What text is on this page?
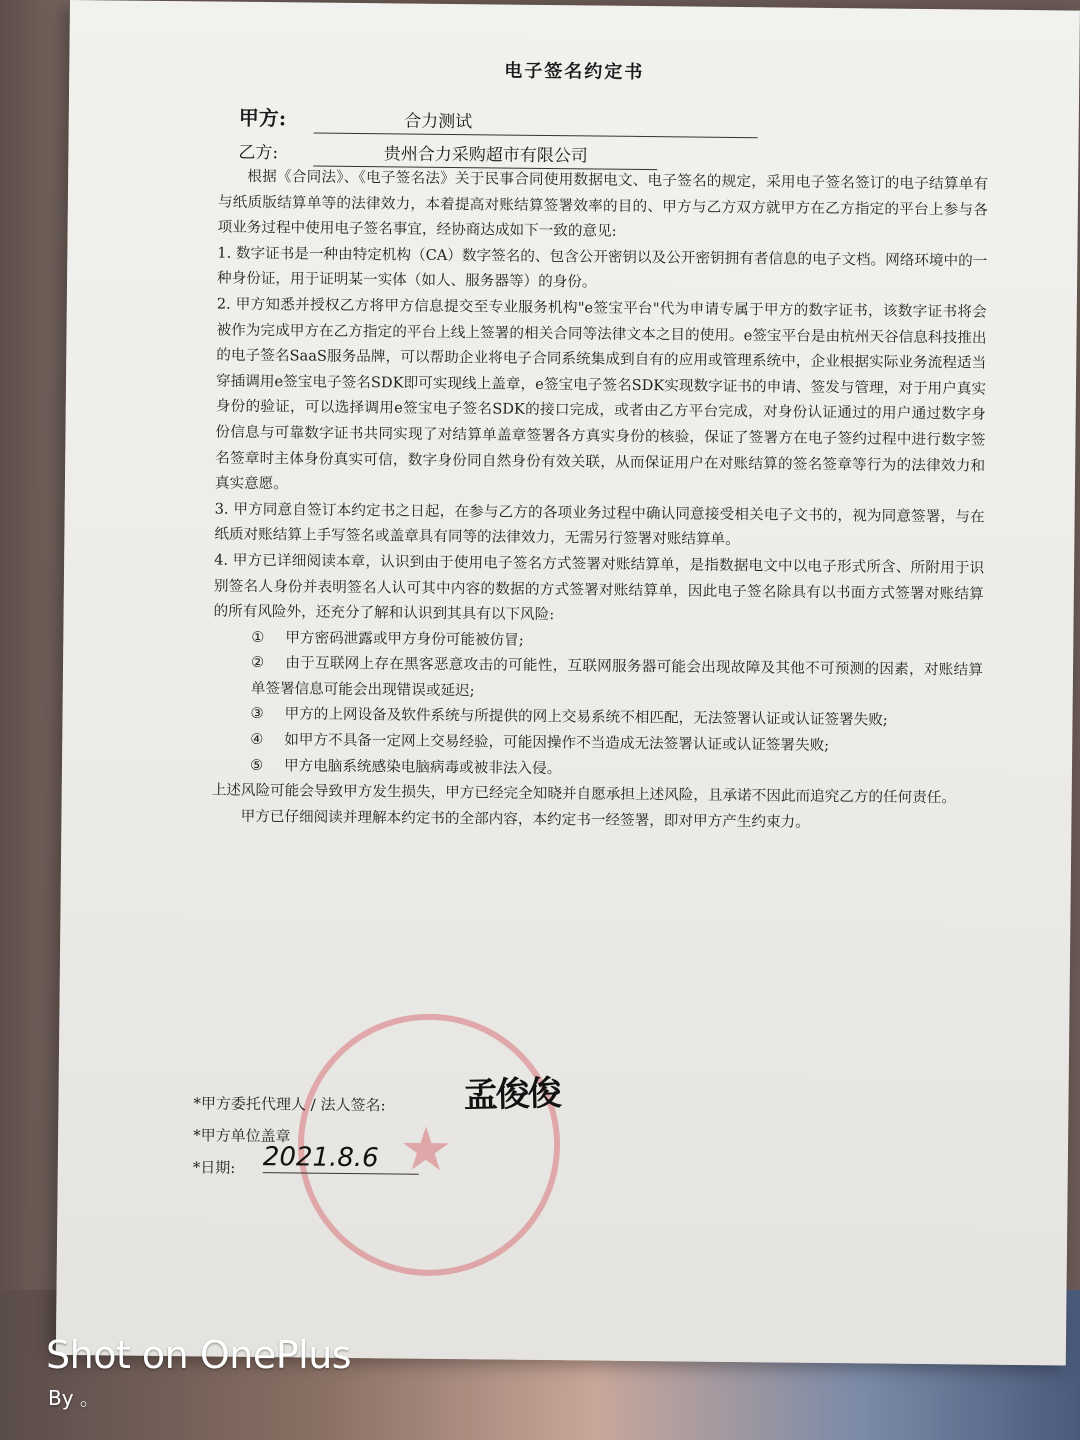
电子签名约定书
甲方:	合力测试
乙方:	贵州合力采购超市有限公司

根据《合同法》、《电子签名法》关于民事合同使用数据电文、电子签名的规定，采用电子签名签订的电子结算单有与纸质版结算单等的法律效力，本着提高对账结算签署效率的目的、甲方与乙方双方就甲方在乙方指定的平台上参与各项业务过程中使用电子签名事宜，经协商达成如下一致的意见:

1. 数字证书是一种由特定机构（CA）数字签名的、包含公开密钥以及公开密钥拥有者信息的电子文档。网络环境中的一种身份证，用于证明某一实体（如人、服务器等）的身份。

2. 甲方知悉并授权乙方将甲方信息提交至专业服务机构"e签宝平台"代为申请专属于甲方的数字证书，该数字证书将会被作为完成甲方在乙方指定的平台上线上签署的相关合同等法律文本之目的使用。e签宝平台是由杭州天谷信息科技推出的电子签名SaaS服务品牌，可以帮助企业将电子合同系统集成到自有的应用或管理系统中，企业根据实际业务流程适当穿插调用e签宝电子签名SDK即可实现线上盖章，e签宝电子签名SDK实现数字证书的申请、签发与管理，对于用户真实身份的验证，可以选择调用e签宝电子签名SDK的接口完成，或者由乙方平台完成，对身份认证通过的用户通过数字身份信息与可靠数字证书共同实现了对结算单盖章签署各方真实身份的核验，保证了签署方在电子签约过程中进行数字签名签章时主体身份真实可信，数字身份同自然身份有效关联，从而保证用户在对账结算的签名签章等行为的法律效力和真实意愿。

3. 甲方同意自签订本约定书之日起，在参与乙方的各项业务过程中确认同意接受相关电子文书的，视为同意签署，与在纸质对账结算上手写签名或盖章具有同等的法律效力，无需另行签署对账结算单。

4. 甲方已详细阅读本章，认识到由于使用电子签名方式签署对账结算单，是指数据电文中以电子形式所含、所附用于识别签名人身份并表明签名人认可其中内容的数据的方式签署对账结算单，因此电子签名除具有以书面方式签署对账结算的所有风险外，还充分了解和认识到其具有以下风险:

① 甲方密码泄露或甲方身份可能被仿冒;

② 由于互联网上存在黑客恶意攻击的可能性，互联网服务器可能会出现故障及其他不可预测的因素，对账结算单签署信息可能会出现错误或延迟;

③ 甲方的上网设备及软件系统与所提供的网上交易系统不相匹配，无法签署认证或认证签署失败;

④ 如甲方不具备一定网上交易经验，可能因操作不当造成无法签署认证或认证签署失败;

⑤ 甲方电脑系统感染电脑病毒或被非法入侵。

上述风险可能会导致甲方发生损失，甲方已经完全知晓并自愿承担上述风险，且承诺不因此而追究乙方的任何责任。

甲方已仔细阅读并理解本约定书的全部内容，本约定书一经签署，即对甲方产生约束力。

★
*甲方委托代理人 / 法人签名:
*甲方单位盖章
*日期:
孟俊俊
2021.8.6
Shot on OnePlus
By 。
